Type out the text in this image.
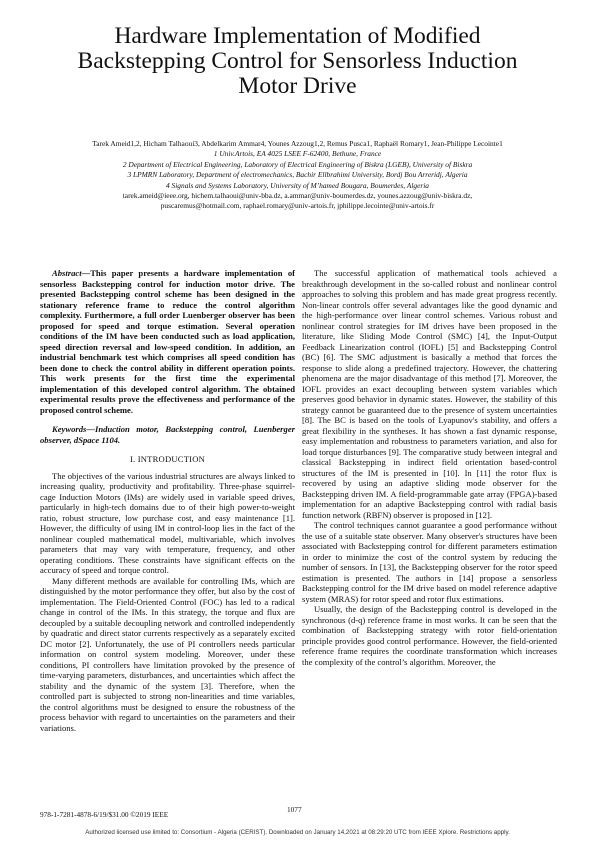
Hardware Implementation of Modified
Backstepping Control for Sensorless Induction
Motor Drive
Tarek Ameid1,2, Hicham Talhaoui3, Abdelkarim Ammar4, Younes Azzoug1,2, Remus Pusca1, Raphaël Romary1, Jean-Philippe Lecointe1
1 Univ.Artois, EA 4025 LSEE F-62400, Bethune, France
2 Department of Electrical Engineering, Laboratory of Electrical Engineering of Biskra (LGEB), University of Biskra
3 LPMRN Laboratory, Department of electromechanics, Bachir Ellbrahimi University, Bordj Bou Arreridj, Algeria
4 Signals and Systems Laboratory, University of M’hamed Bougara, Boumerdes, Algeria
tarek.ameid@ieee.org, hichem.talhaoui@univ-bba.dz, a.ammar@univ-boumerdes.dz, younes.azzoug@univ-biskra.dz,
puscaremus@hotmail.com, raphael.romary@univ-artois.fr, jphilippe.lecointe@univ-artois.fr

Abstract—This paper presents a hardware implementation of sensorless Backstepping control for induction motor drive. The presented Backstepping control scheme has been designed in the stationary reference frame to reduce the control algorithm complexity. Furthermore, a full order Luenberger observer has been proposed for speed and torque estimation. Several operation conditions of the IM have been conducted such as load application, speed direction reversal and low-speed condition. In addition, an industrial benchmark test which comprises all speed condition has been done to check the control ability in different operation points. This work presents for the first time the experimental implementation of this developed control algorithm. The obtained experimental results prove the effectiveness and performance of the proposed control scheme.

Keywords—Induction motor, Backstepping control, Luenberger observer, dSpace 1104.

I. INTRODUCTION

The objectives of the various industrial structures are always linked to increasing quality, productivity and profitability. Three-phase squirrel-cage Induction Motors (IMs) are widely used in variable speed drives, particularly in high-tech domains due to of their high power-to-weight ratio, robust structure, low purchase cost, and easy maintenance [1]. However, the difficulty of using IM in control-loop lies in the fact of the nonlinear coupled mathematical model, multivariable, which involves parameters that may vary with temperature, frequency, and other operating conditions. These constraints have significant effects on the accuracy of speed and torque control.

Many different methods are available for controlling IMs, which are distinguished by the motor performance they offer, but also by the cost of implementation. The Field-Oriented Control (FOC) has led to a radical change in control of the IMs. In this strategy, the torque and flux are decoupled by a suitable decoupling network and controlled independently by quadratic and direct stator currents respectively as a separately excited DC motor [2]. Unfortunately, the use of PI controllers needs particular information on control system modeling. Moreover, under these conditions, PI controllers have limitation provoked by the presence of time-varying parameters, disturbances, and uncertainties which affect the stability and the dynamic of the system [3]. Therefore, when the controlled part is subjected to strong non-linearities and time variables, the control algorithms must be designed to ensure the robustness of the process behavior with regard to uncertainties on the parameters and their variations.

The successful application of mathematical tools achieved a breakthrough development in the so-called robust and nonlinear control approaches to solving this problem and has made great progress recently. Non-linear controls offer several advantages like the good dynamic and the high-performance over linear control schemes. Various robust and nonlinear control strategies for IM drives have been proposed in the literature, like Sliding Mode Control (SMC) [4], the Input-Output Feedback Linearization control (IOFL) [5] and Backstepping Control (BC) [6]. The SMC adjustment is basically a method that forces the response to slide along a predefined trajectory. However, the chattering phenomena are the major disadvantage of this method [7]. Moreover, the IOFL provides an exact decoupling between system variables which preserves good behavior in dynamic states. However, the stability of this strategy cannot be guaranteed due to the presence of system uncertainties [8]. The BC is based on the tools of Lyapunov's stability, and offers a great flexibility in the syntheses. It has shown a fast dynamic response, easy implementation and robustness to parameters variation, and also for load torque disturbances [9]. The comparative study between integral and classical Backstepping in indirect field orientation based-control structures of the IM is presented in [10]. In [11] the rotor flux is recovered by using an adaptive sliding mode observer for the Backstepping driven IM. A field-programmable gate array (FPGA)-based implementation for an adaptive Backstepping control with radial basis function network (RBFN) observer is proposed in [12].

The control techniques cannot guarantee a good performance without the use of a suitable state observer. Many observer's structures have been associated with Backstepping control for different parameters estimation in order to minimize the cost of the control system by reducing the number of sensors. In [13], the Backstepping observer for the rotor speed estimation is presented. The authors in [14] propose a sensorless Backstepping control for the IM drive based on model reference adaptive system (MRAS) for rotor speed and rotor flux estimations.

Usually, the design of the Backstepping control is developed in the synchronous (d-q) reference frame in most works. It can be seen that the combination of Backstepping strategy with rotor field-orientation principle provides good control performance. However, the field-oriented reference frame requires the coordinate transformation which increases the complexity of the control’s algorithm. Moreover, the

978-1-7281-4878-6/19/$31.00 ©2019 IEEE
1077
Authorized licensed use limited to: Consortium - Algeria (CERIST). Downloaded on January 14,2021 at 08:29:20 UTC from IEEE Xplore. Restrictions apply.
